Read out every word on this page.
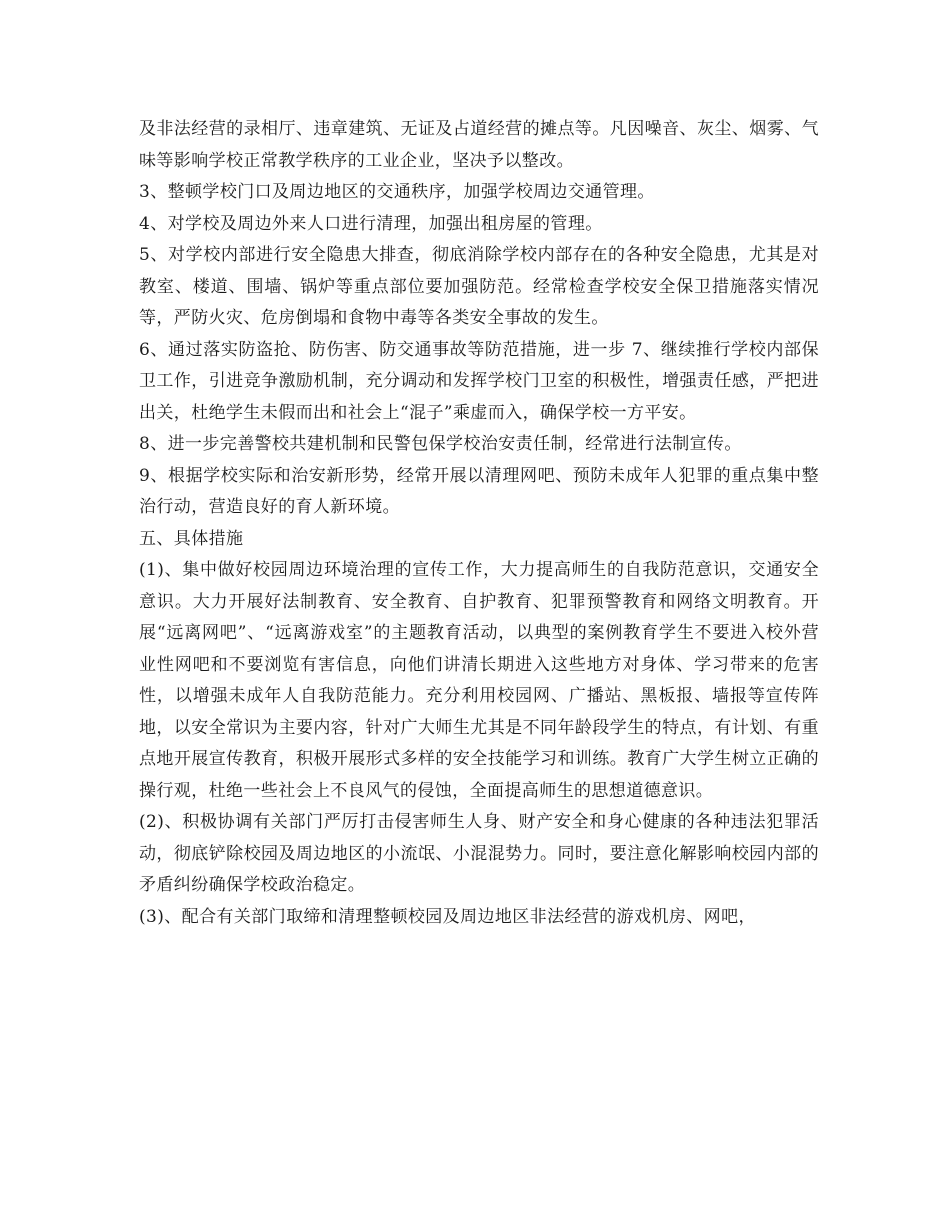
及非法经营的录相厅、违章建筑、无证及占道经营的摊点等。凡因噪音、灰尘、烟雾、气味等影响学校正常教学秩序的工业企业，坚决予以整改。

3、整顿学校门口及周边地区的交通秩序，加强学校周边交通管理。

4、对学校及周边外来人口进行清理，加强出租房屋的管理。

5、对学校内部进行安全隐患大排查，彻底消除学校内部存在的各种安全隐患，尤其是对教室、楼道、围墙、锅炉等重点部位要加强防范。经常检查学校安全保卫措施落实情况等，严防火灾、危房倒塌和食物中毒等各类安全事故的发生。

6、通过落实防盗抢、防伤害、防交通事故等防范措施，进一步 7、继续推行学校内部保卫工作，引进竞争激励机制，充分调动和发挥学校门卫室的积极性，增强责任感，严把进出关，杜绝学生未假而出和社会上“混子”乘虚而入，确保学校一方平安。

8、进一步完善警校共建机制和民警包保学校治安责任制，经常进行法制宣传。

9、根据学校实际和治安新形势，经常开展以清理网吧、预防未成年人犯罪的重点集中整治行动，营造良好的育人新环境。

五、具体措施

(1)、集中做好校园周边环境治理的宣传工作，大力提高师生的自我防范意识，交通安全意识。大力开展好法制教育、安全教育、自护教育、犯罪预警教育和网络文明教育。开展“远离网吧”、“远离游戏室”的主题教育活动，以典型的案例教育学生不要进入校外营业性网吧和不要浏览有害信息，向他们讲清长期进入这些地方对身体、学习带来的危害性，以增强未成年人自我防范能力。充分利用校园网、广播站、黑板报、墙报等宣传阵地，以安全常识为主要内容，针对广大师生尤其是不同年龄段学生的特点，有计划、有重点地开展宣传教育，积极开展形式多样的安全技能学习和训练。教育广大学生树立正确的操行观，杜绝一些社会上不良风气的侵蚀，全面提高师生的思想道德意识。

(2)、积极协调有关部门严厉打击侵害师生人身、财产安全和身心健康的各种违法犯罪活动，彻底铲除校园及周边地区的小流氓、小混混势力。同时，要注意化解影响校园内部的矛盾纠纷确保学校政治稳定。

(3)、配合有关部门取缔和清理整顿校园及周边地区非法经营的游戏机房、网吧，
